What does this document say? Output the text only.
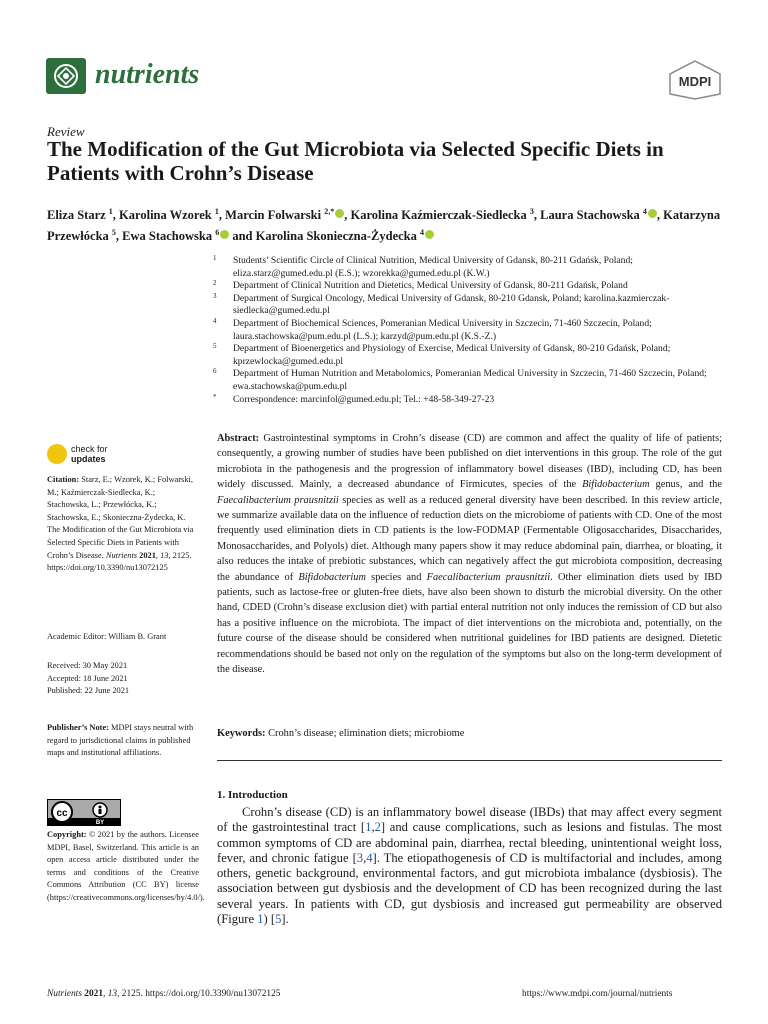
nutrients	MDPI
Review
The Modification of the Gut Microbiota via Selected Specific Diets in Patients with Crohn’s Disease
Eliza Starz $^1$, Karolina Wzorek $^1$, Marcin Folwarski $^{2,*}$ , Karolina Kaźmierczak-Siedlecka $^3$, Laura Stachowska $^4$ , Katarzyna Przewłócka $^5$, Ewa Stachowska $^6$ and Karolina Skonieczna-Żydecka $^4$
1 Students’ Scientific Circle of Clinical Nutrition, Medical University of Gdansk, 80-211 Gdańsk, Poland; eliza.starz@gumed.edu.pl (E.S.); wzorekka@gumed.edu.pl (K.W.)
2 Department of Clinical Nutrition and Dietetics, Medical University of Gdansk, 80-211 Gdańsk, Poland
3 Department of Surgical Oncology, Medical University of Gdansk, 80-210 Gdansk, Poland; karolina.kazmierczak-siedlecka@gumed.edu.pl
4 Department of Biochemical Sciences, Pomeranian Medical University in Szczecin, 71-460 Szczecin, Poland; laura.stachowska@pum.edu.pl (L.S.); karzyd@pum.edu.pl (K.S.-Z.)
5 Department of Bioenergetics and Physiology of Exercise, Medical University of Gdansk, 80-210 Gdańsk, Poland; kprzewlocka@gumed.edu.pl
6 Department of Human Nutrition and Metabolomics, Pomeranian Medical University in Szczecin, 71-460 Szczecin, Poland; ewa.stachowska@pum.edu.pl
* Correspondence: marcinfol@gumed.edu.pl; Tel.: +48-58-349-27-23
check for
updates
Citation: Starz, E.; Wzorek, K.; Folwarski, M.; Kaźmierczak-Siedlecka, K.; Stachowska, L.; Przewłócka, K.; Stachowska, E.; Skonieczna-Żydecka, K. The Modification of the Gut Microbiota via Selected Specific Diets in Patients with Crohn’s Disease. Nutrients 2021, 13, 2125. https://doi.org/10.3390/nu13072125
Academic Editor: William B. Grant
Received: 30 May 2021
Accepted: 18 June 2021
Published: 22 June 2021
Publisher’s Note: MDPI stays neutral with regard to jurisdictional claims in published maps and institutional affiliations.
cc
BY
Copyright: © 2021 by the authors. Licensee MDPI, Basel, Switzerland. This article is an open access article distributed under the terms and conditions of the Creative Commons Attribution (CC BY) license (https://creativecommons.org/licenses/by/4.0/).
Abstract: Gastrointestinal symptoms in Crohn’s disease (CD) are common and affect the quality of life of patients; consequently, a growing number of studies have been published on diet interventions in this group. The role of the gut microbiota in the pathogenesis and the progression of inflammatory bowel diseases (IBD), including CD, has been widely discussed. Mainly, a decreased abundance of Firmicutes, species of the Bifidobacterium genus, and the Faecalibacterium prausnitzii species as well as a reduced general diversity have been described. In this review article, we summarize available data on the influence of reduction diets on the microbiome of patients with CD. One of the most frequently used elimination diets in CD patients is the low-FODMAP (Fermentable Oligosaccharides, Disaccharides, Monosaccharides, and Polyols) diet. Although many papers show it may reduce abdominal pain, diarrhea, or bloating, it also reduces the intake of prebiotic substances, which can negatively affect the gut microbiota composition, decreasing the abundance of Bifidobacterium species and Faecalibacterium prausnitzii. Other elimination diets used by IBD patients, such as lactose-free or gluten-free diets, have also been shown to disturb the microbial diversity. On the other hand, CDED (Crohn’s disease exclusion diet) with partial enteral nutrition not only induces the remission of CD but also has a positive influence on the microbiota. The impact of diet interventions on the microbiota and, potentially, on the future course of the disease should be considered when nutritional guidelines for IBD patients are designed. Dietetic recommendations should be based not only on the regulation of the symptoms but also on the long-term development of the disease.
Keywords: Crohn’s disease; elimination diets; microbiome
1. Introduction
Crohn’s disease (CD) is an inflammatory bowel disease (IBDs) that may affect every segment of the gastrointestinal tract [1,2] and cause complications, such as lesions and fistulas. The most common symptoms of CD are abdominal pain, diarrhea, rectal bleeding, unintentional weight loss, fever, and chronic fatigue [3,4]. The etiopathogenesis of CD is multifactorial and includes, among others, genetic background, environmental factors, and gut microbiota imbalance (dysbiosis). The association between gut dysbiosis and the development of CD has been recognized during the last several years. In patients with CD, gut dysbiosis and increased gut permeability are observed (Figure 1) [5].
Nutrients 2021, 13, 2125. https://doi.org/10.3390/nu13072125	https://www.mdpi.com/journal/nutrients
